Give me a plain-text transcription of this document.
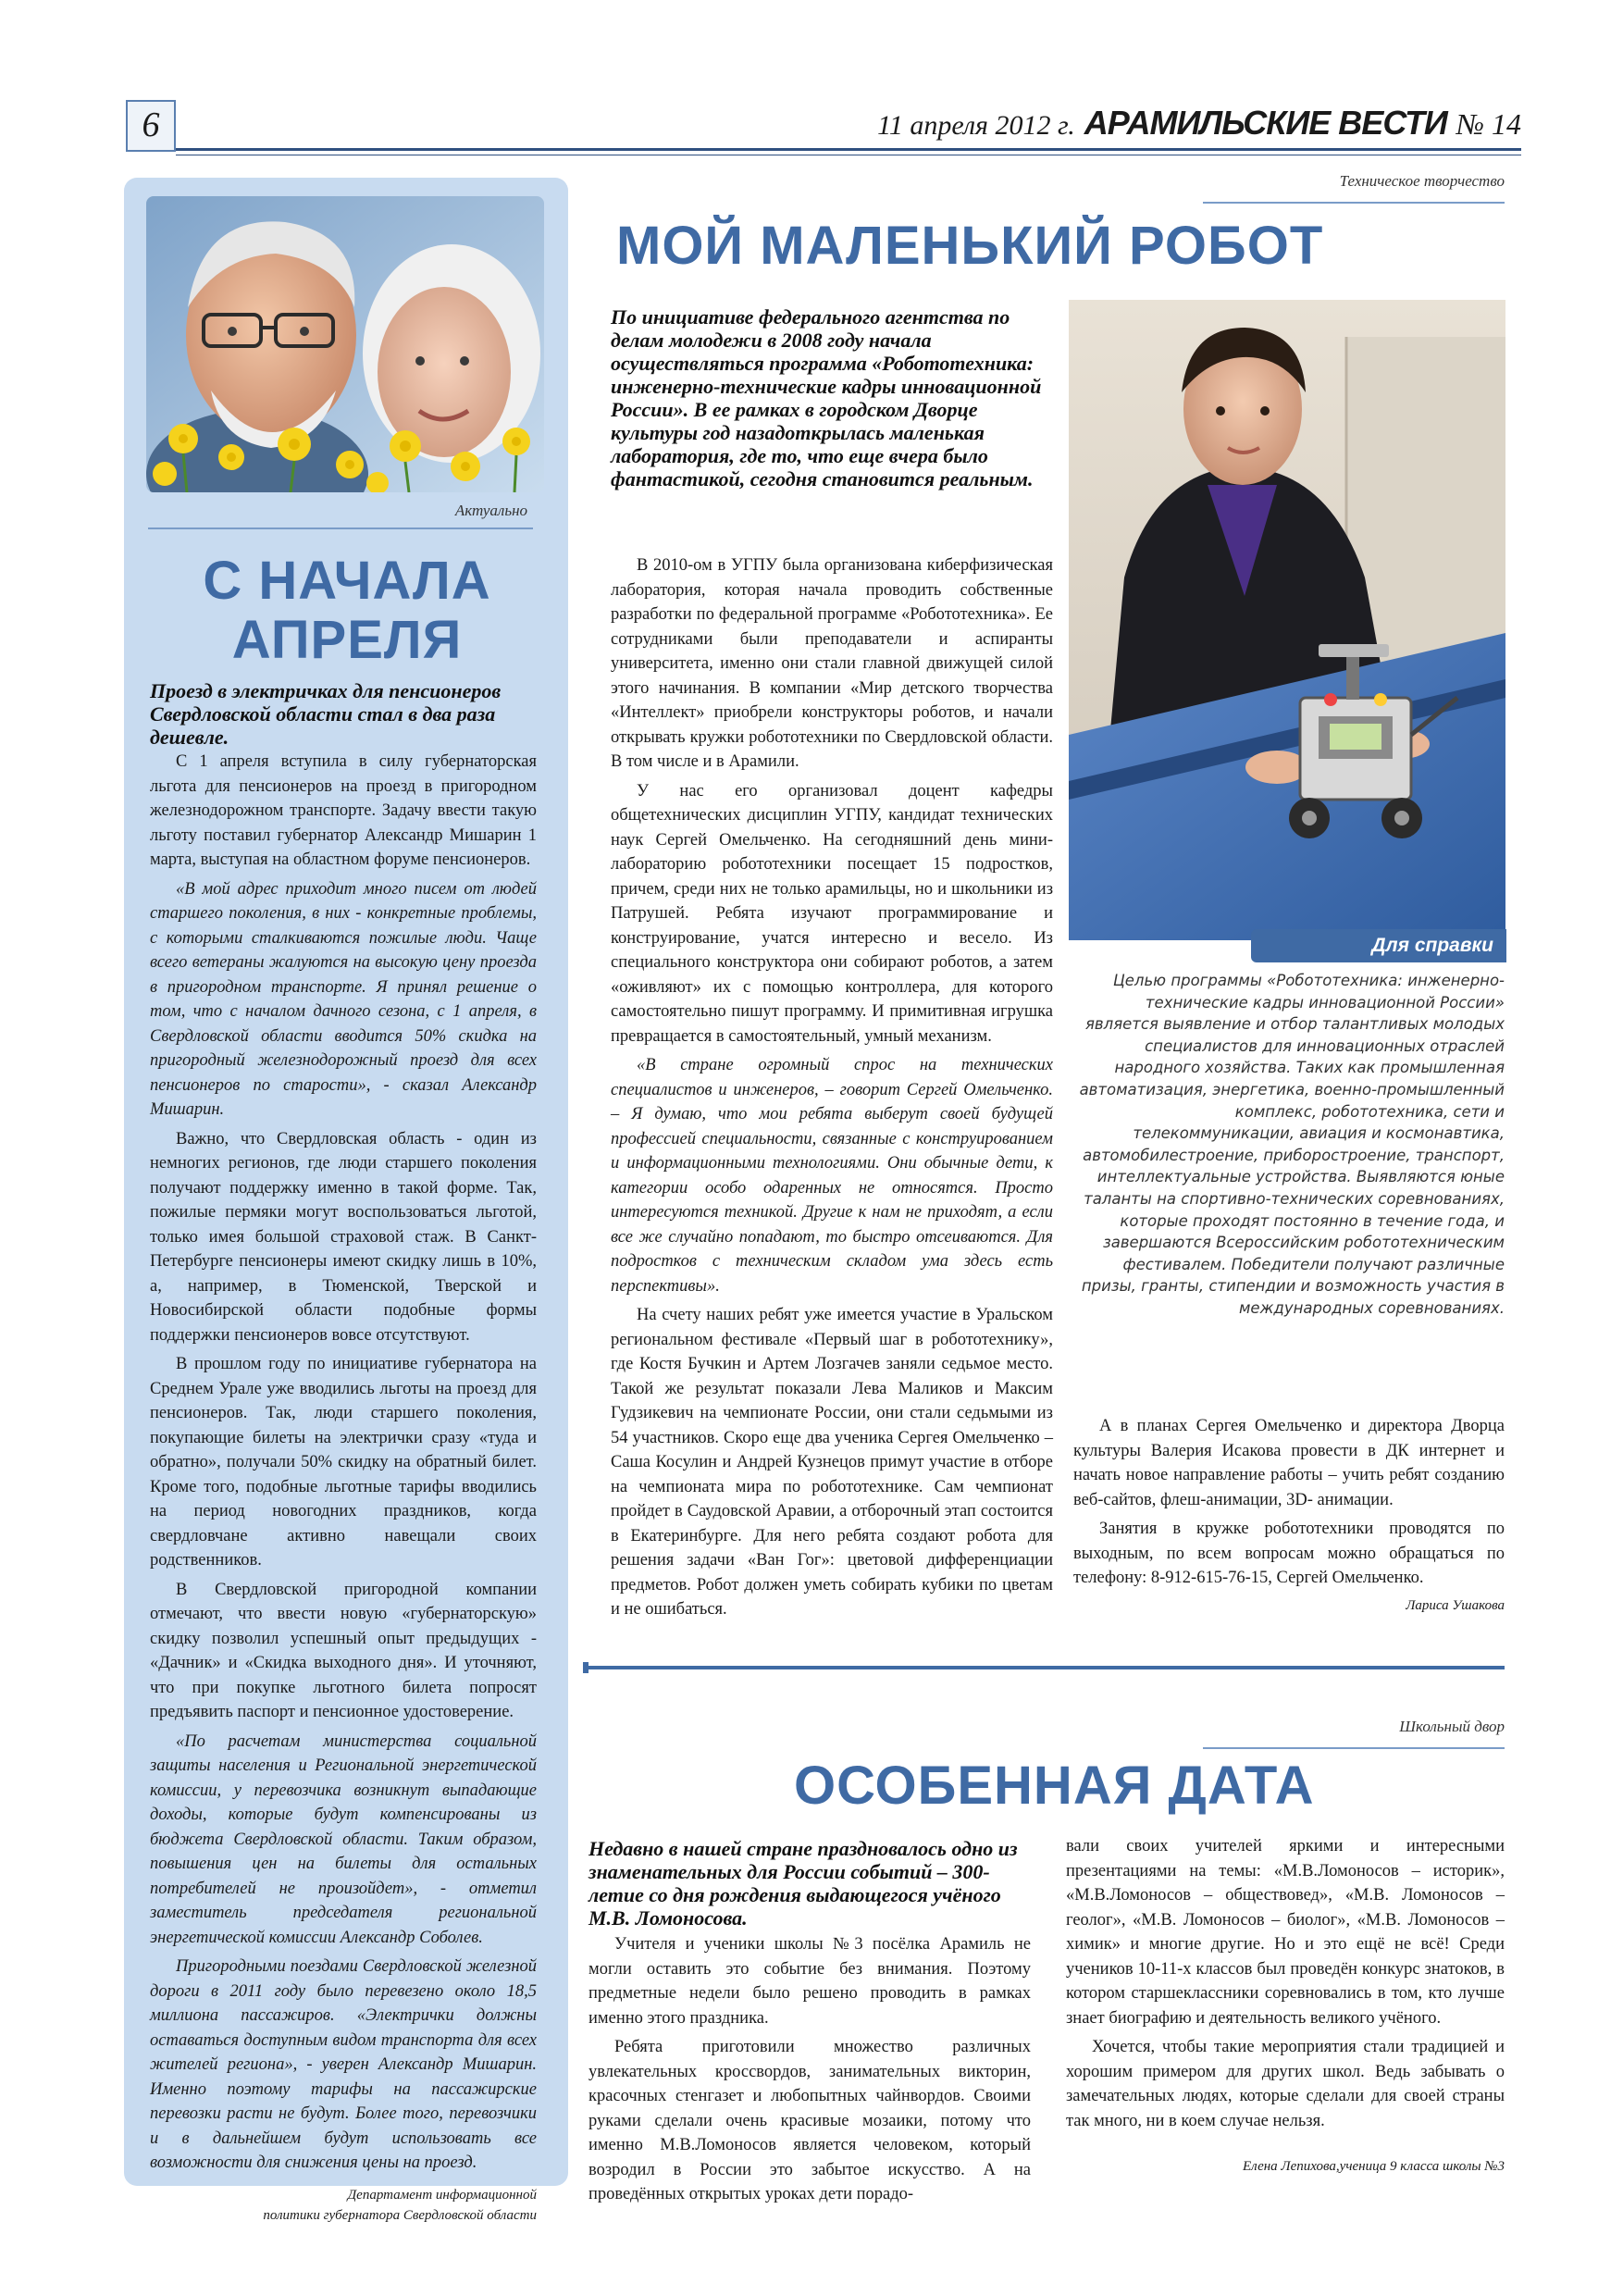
6	11 апреля 2012 г. АРАМИЛЬСКИЕ ВЕСТИ № 14
Актуально
С НАЧАЛА
АПРЕЛЯ
Проезд в электричках для пенсионеров Свердловской области стал в два раза дешевле.

С 1 апреля вступила в силу губернаторская льгота для пенсионеров на проезд в пригородном железнодорожном транспорте. Задачу ввести такую льготу поставил губернатор Александр Мишарин 1 марта, выступая на областном форуме пенсионеров.

«В мой адрес приходит много писем от людей старшего поколения, в них - конкретные проблемы, с которыми сталкиваются пожилые люди. Чаще всего ветераны жалуются на высокую цену проезда в пригородном транспорте. Я принял решение о том, что с началом дачного сезона, с 1 апреля, в Свердловской области вводится 50% скидка на пригородный железнодорожный проезд для всех пенсионеров по старости», - сказал Александр Мишарин.

Важно, что Свердловская область - один из немногих регионов, где люди старшего поколения получают поддержку именно в такой форме. Так, пожилые пермяки могут воспользоваться льготой, только имея большой страховой стаж. В Санкт-Петербурге пенсионеры имеют скидку лишь в 10%, а, например, в Тюменской, Тверской и Новосибирской области подобные формы поддержки пенсионеров вовсе отсутствуют.

В прошлом году по инициативе губернатора на Среднем Урале уже вводились льготы на проезд для пенсионеров. Так, люди старшего поколения, покупающие билеты на электрички сразу «туда и обратно», получали 50% скидку на обратный билет. Кроме того, подобные льготные тарифы вводились на период новогодних праздников, когда свердловчане активно навещали своих родственников.

В Свердловской пригородной компании отмечают, что ввести новую «губернаторскую» скидку позволил успешный опыт предыдущих - «Дачник» и «Скидка выходного дня». И уточняют, что при покупке льготного билета попросят предъявить паспорт и пенсионное удостоверение.

«По расчетам министерства социальной защиты населения и Региональной энергетической комиссии, у перевозчика возникнут выпадающие доходы, которые будут компенсированы из бюджета Свердловской области. Таким образом, повышения цен на билеты для остальных потребителей не произойдет», - отметил заместитель председателя региональной энергетической комиссии Александр Соболев.

Пригородными поездами Свердловской железной дороги в 2011 году было перевезено около 18,5 миллиона пассажиров. «Электрички должны оставаться доступным видом транспорта для всех жителей региона», - уверен Александр Мишарин. Именно поэтому тарифы на пассажирские перевозки расти не будут. Более того, перевозчики и в дальнейшем будут использовать все возможности для снижения цены на проезд.

Департамент информационной
политики губернатора Свердловской области
Техническое творчество
МОЙ МАЛЕНЬКИЙ РОБОТ
По инициативе федерального агентства по делам молодежи в 2008 году начала осуществляться программа «Робототехника: инженерно-технические кадры инновационной России». В ее рамках в городском Дворце культуры год назадоткрылась маленькая лаборатория, где то, что еще вчера было фантастикой, сегодня становится реальным.

В 2010-ом в УГПУ была организована киберфизическая лаборатория, которая начала проводить собственные разработки по федеральной программе «Робототехника». Ее сотрудниками были преподаватели и аспиранты университета, именно они стали главной движущей силой этого начинания. В компании «Мир детского творчества «Интеллект» приобрели конструкторы роботов, и начали открывать кружки робототехники по Свердловской области. В том числе и в Арамили.

У нас его организовал доцент кафедры общетехнических дисциплин УГПУ, кандидат технических наук Сергей Омельченко. На сегодняшний день мини-лабораторию робототехники посещает 15 подростков, причем, среди них не только арамильцы, но и школьники из Патрушей. Ребята изучают программирование и конструирование, учатся интересно и весело. Из специального конструктора они собирают роботов, а затем «оживляют» их с помощью контроллера, для которого самостоятельно пишут программу. И примитивная игрушка превращается в самостоятельный, умный механизм.

«В стране огромный спрос на технических специалистов и инженеров, – говорит Сергей Омельченко. – Я думаю, что мои ребята выберут своей будущей профессией специальности, связанные с конструированием и информационными технологиями. Они обычные дети, к категории особо одаренных не относятся. Просто интересуются техникой. Другие к нам не приходят, а если все же случайно попадают, то быстро отсеиваются. Для подростков с техническим складом ума здесь есть перспективы».

На счету наших ребят уже имеется участие в Уральском региональном фестивале «Первый шаг в робототехнику», где Костя Бучкин и Артем Лозгачев заняли седьмое место. Такой же результат показали Лева Маликов и Максим Гудзикевич на чемпионате России, они стали седьмыми из 54 участников. Скоро еще два ученика Сергея Омельченко – Саша Косулин и Андрей Кузнецов примут участие в отборе на чемпионата мира по робототехнике. Сам чемпионат пройдет в Саудовской Аравии, а отборочный этап состоится в Екатеринбурге. Для него ребята создают робота для решения задачи «Ван Гог»: цветовой дифференциации предметов. Робот должен уметь собирать кубики по цветам и не ошибаться.

Для справки
Целью программы «Робототехника: инженерно-технические кадры инновационной России» является выявление и отбор талантливых молодых специалистов для инновационных отраслей народного хозяйства. Таких как промышленная автоматизация, энергетика, военно-промышленный комплекс, робототехника, сети и телекоммуникации, авиация и космонавтика, автомобилестроение, приборостроение, транспорт, интеллектуальные устройства. Выявляются юные таланты на спортивно-технических соревнованиях, которые проходят постоянно в течение года, и завершаются Всероссийским робототехническим фестивалем. Победители получают различные призы, гранты, стипендии и возможность участия в международных соревнованиях.

А в планах Сергея Омельченко и директора Дворца культуры Валерия Исакова провести в ДК интернет и начать новое направление работы – учить ребят созданию веб-сайтов, флеш-анимации, 3D- анимации.

Занятия в кружке робототехники проводятся по выходным, по всем вопросам можно обращаться по телефону: 8-912-615-76-15, Сергей Омельченко.

Лариса Ушакова
Школьный двор
ОСОБЕННАЯ ДАТА
Недавно в нашей стране праздновалось одно из знаменательных для России событий – 300-летие со дня рождения выдающегося учёного М.В. Ломоносова.

Учителя и ученики школы №3 посёлка Арамиль не могли оставить это событие без внимания. Поэтому предметные недели было решено проводить в рамках именно этого праздника.

Ребята приготовили множество различных увлекательных кроссвордов, занимательных викторин, красочных стенгазет и любопытных чайнвордов. Своими руками сделали очень красивые мозаики, потому что именно М.В.Ломоносов является человеком, который возродил в России это забытое искусство. А на проведённых открытых уроках дети порадо-

вали своих учителей яркими и интересными презентациями на темы: «М.В.Ломоносов – историк», «М.В.Ломоносов – обществовед», «М.В. Ломоносов – геолог», «М.В. Ломоносов – биолог», «М.В. Ломоносов – химик» и многие другие. Но и это ещё не всё! Среди учеников 10-11-х классов был проведён конкурс знатоков, в котором старшеклассники соревновались в том, кто лучше знает биографию и деятельность великого учёного.

Хочется, чтобы такие мероприятия стали традицией и хорошим примером для других школ. Ведь забывать о замечательных людях, которые сделали для своей страны так много, ни в коем случае нельзя.

Елена Лепихова,ученица 9 класса школы №3
